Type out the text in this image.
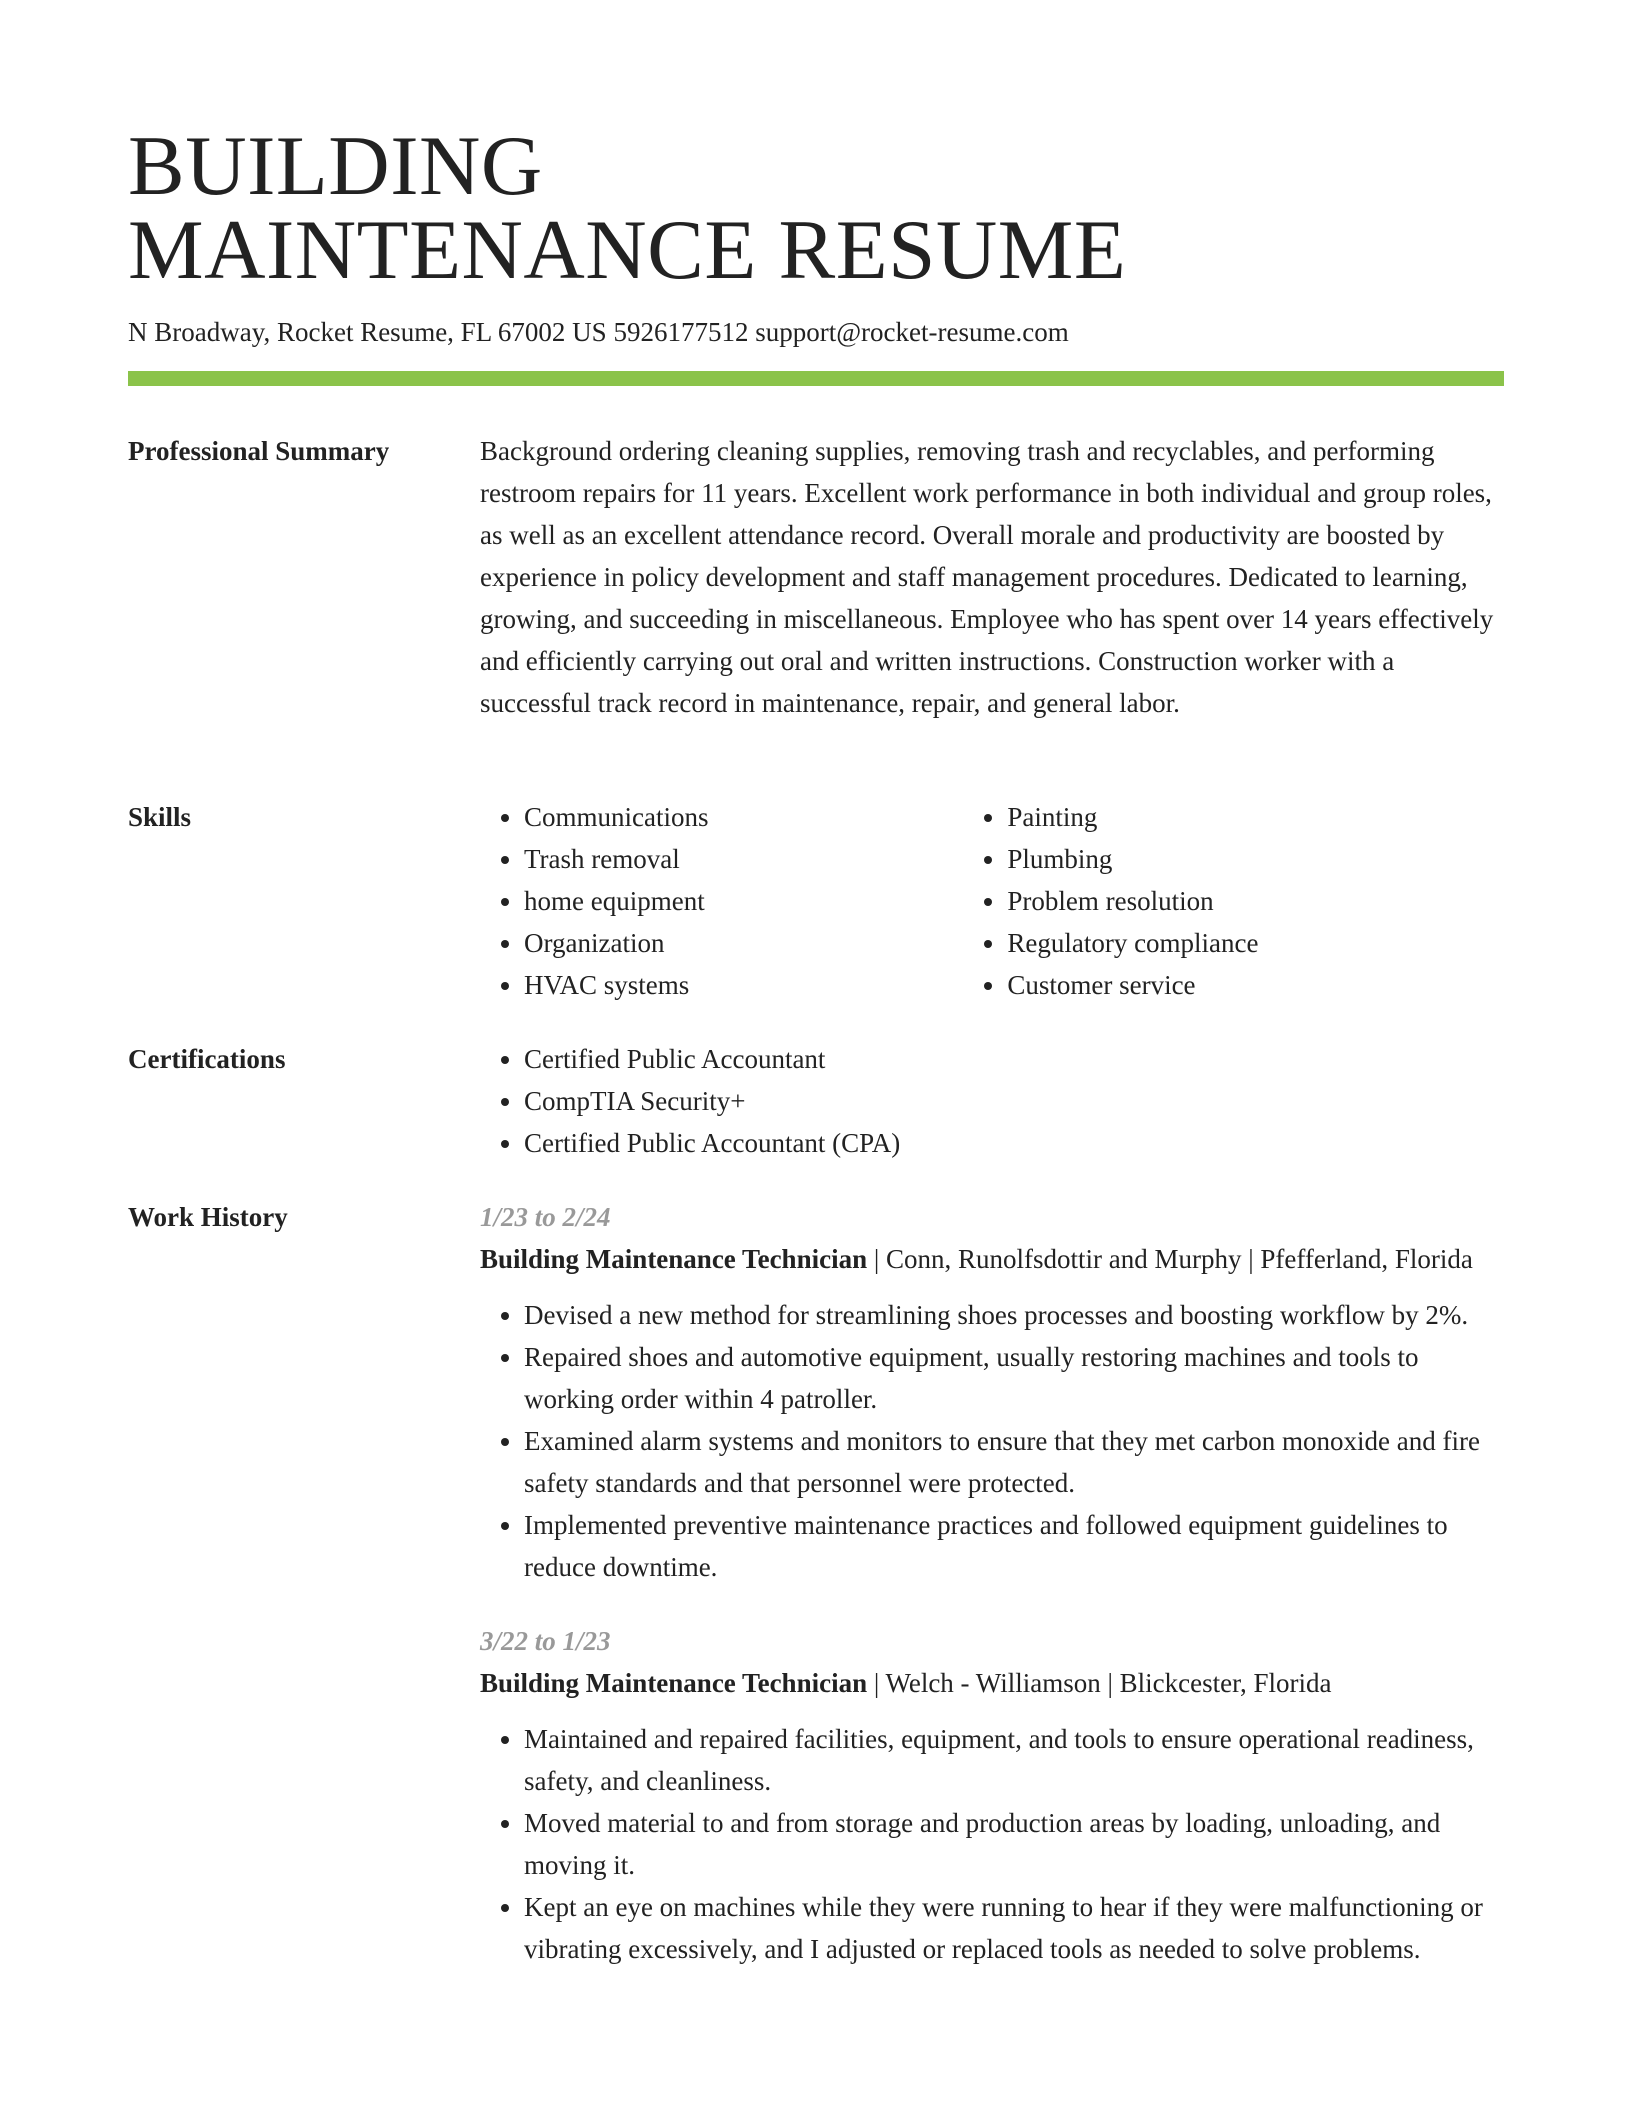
BUILDING
MAINTENANCE RESUME
N Broadway, Rocket Resume, FL 67002 US 5926177512 support@rocket-resume.com
Professional Summary	Background ordering cleaning supplies, removing trash and recyclables, and performing restroom repairs for 11 years. Excellent work performance in both individual and group roles, as well as an excellent attendance record. Overall morale and productivity are boosted by experience in policy development and staff management procedures. Dedicated to learning, growing, and succeeding in miscellaneous. Employee who has spent over 14 years effectively and efficiently carrying out oral and written instructions. Construction worker with a successful track record in maintenance, repair, and general labor.
Skills	• Communications
• Trash removal
• home equipment
• Organization
• HVAC systems
• Painting
• Plumbing
• Problem resolution
• Regulatory compliance
• Customer service
Certifications	• Certified Public Accountant
• CompTIA Security+
• Certified Public Accountant (CPA)
Work History	1/23 to 2/24
Building Maintenance Technician | Conn, Runolfsdottir and Murphy | Pfefferland, Florida
• Devised a new method for streamlining shoes processes and boosting workflow by 2%.
• Repaired shoes and automotive equipment, usually restoring machines and tools to working order within 4 patroller.
• Examined alarm systems and monitors to ensure that they met carbon monoxide and fire safety standards and that personnel were protected.
• Implemented preventive maintenance practices and followed equipment guidelines to reduce downtime.
3/22 to 1/23
Building Maintenance Technician | Welch - Williamson | Blickcester, Florida
• Maintained and repaired facilities, equipment, and tools to ensure operational readiness, safety, and cleanliness.
• Moved material to and from storage and production areas by loading, unloading, and moving it.
• Kept an eye on machines while they were running to hear if they were malfunctioning or vibrating excessively, and I adjusted or replaced tools as needed to solve problems.
